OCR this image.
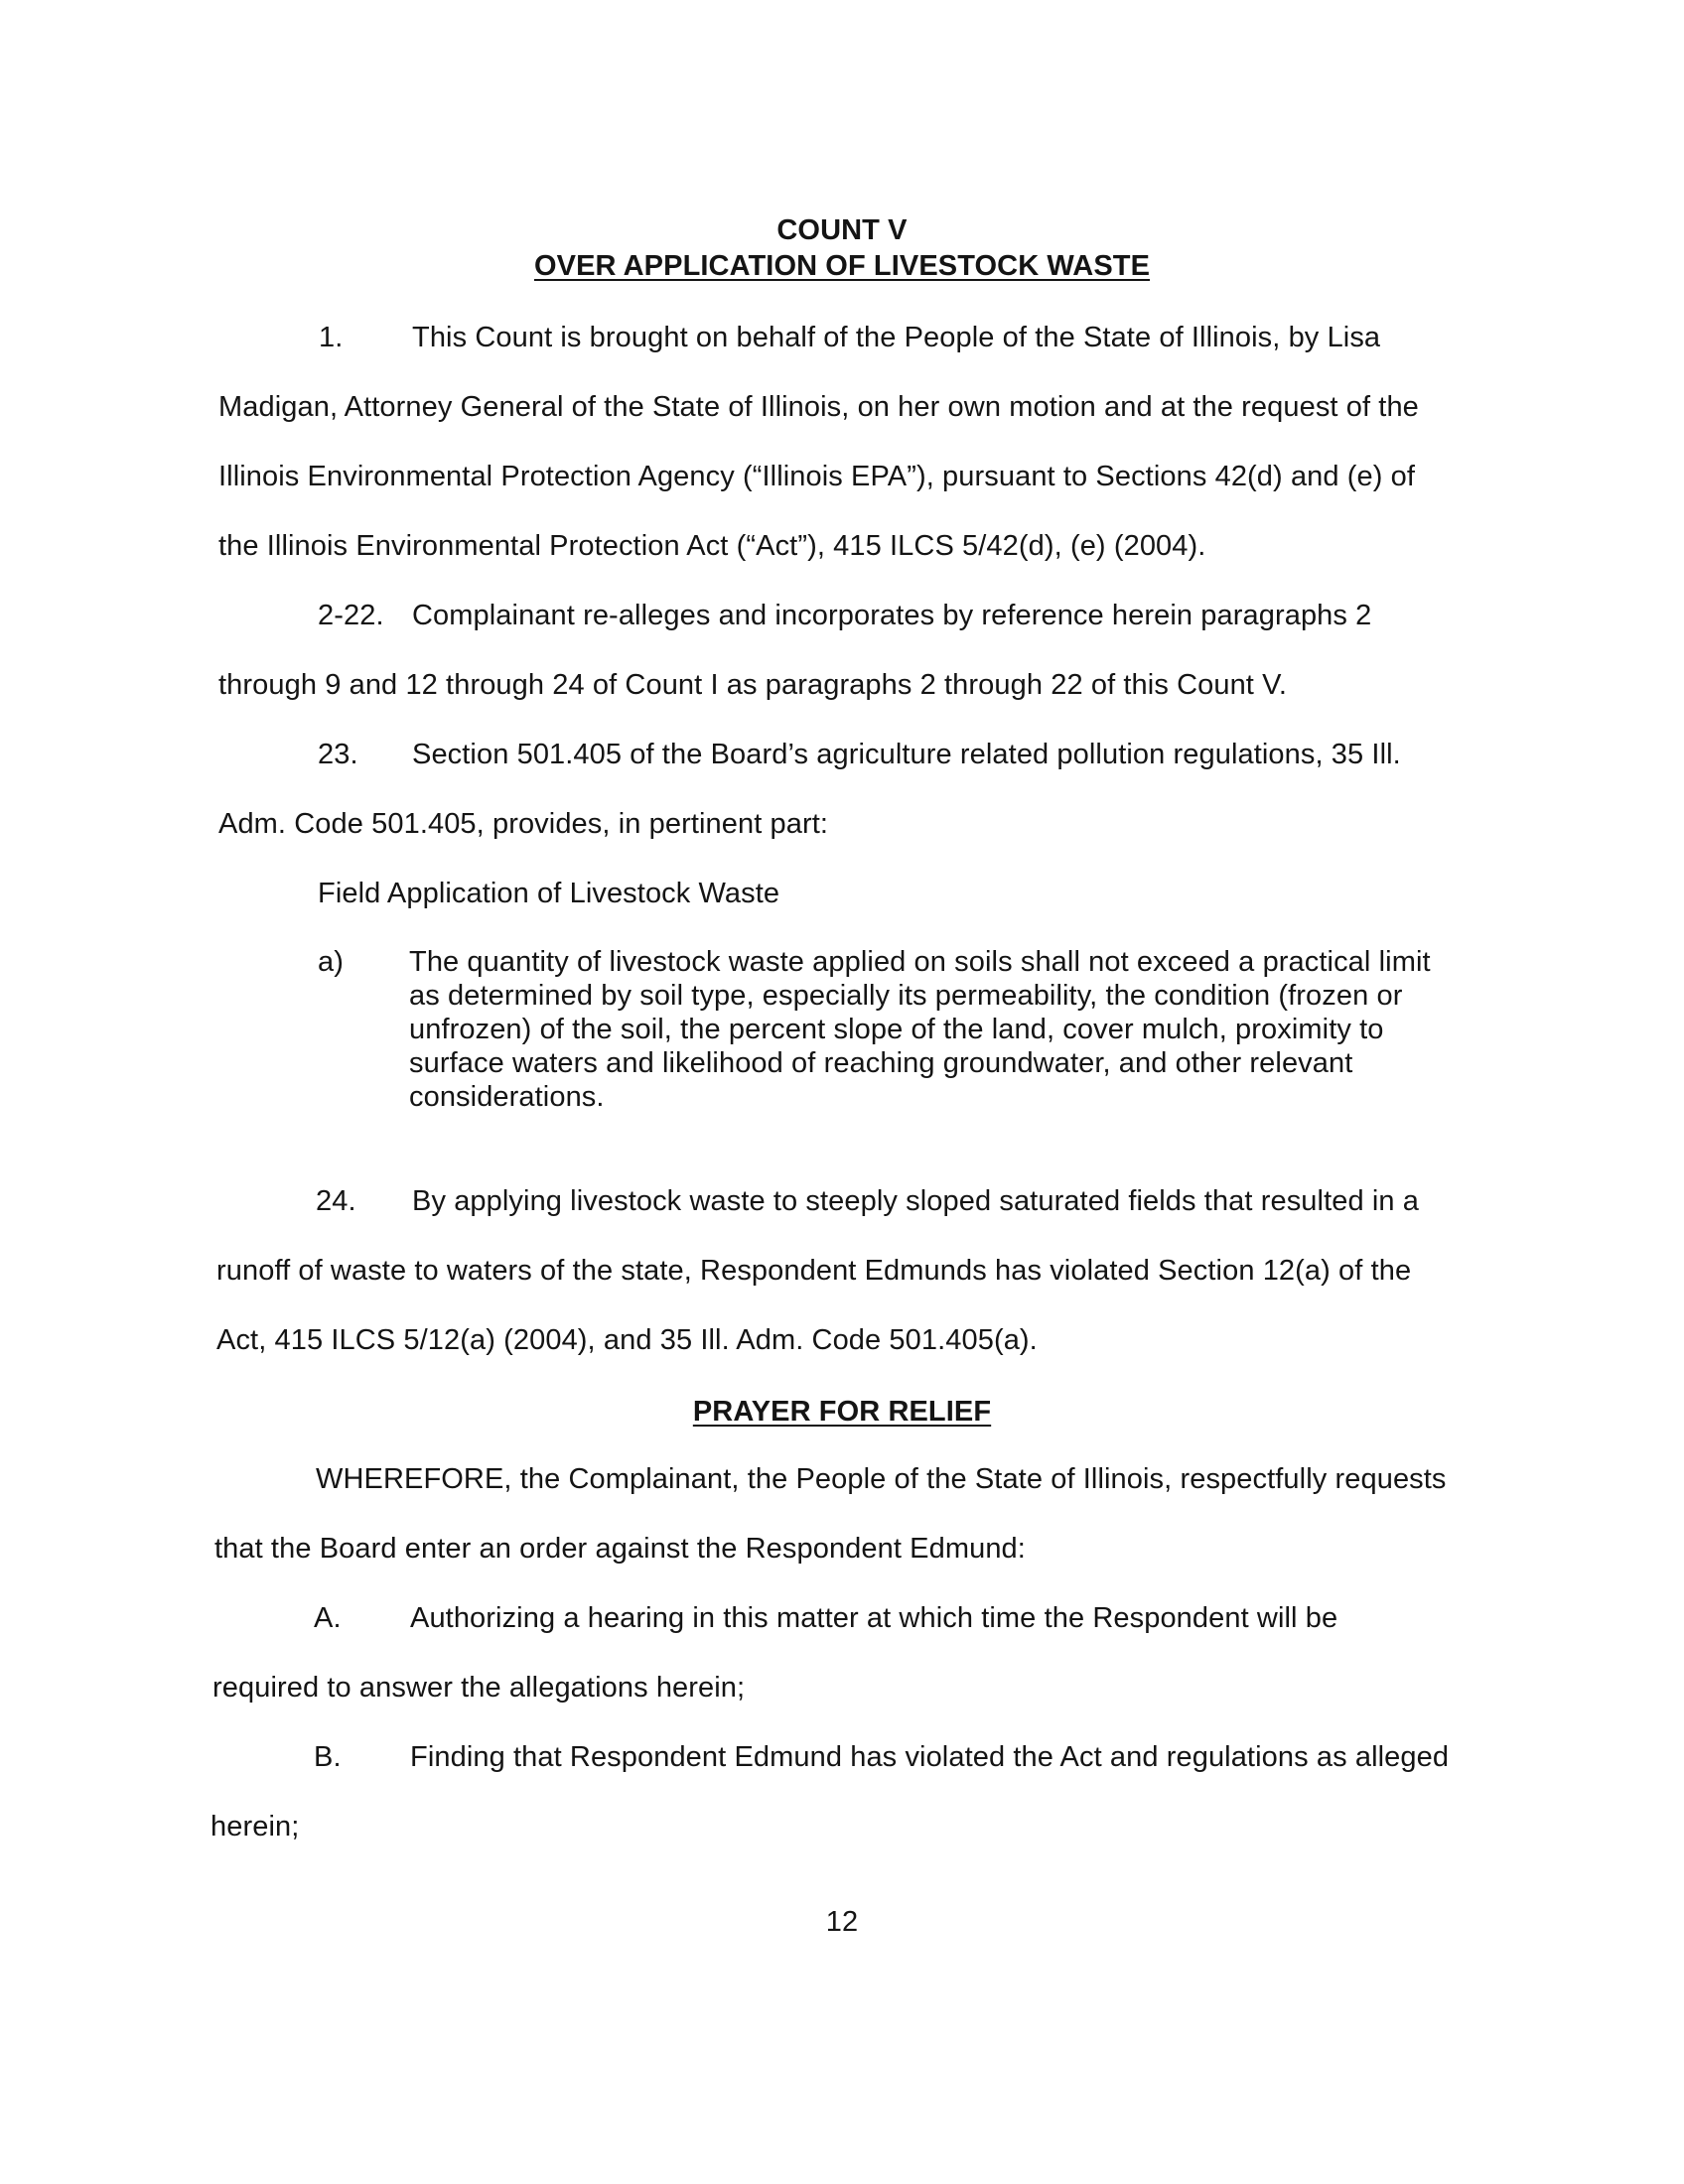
COUNT V
OVER APPLICATION OF LIVESTOCK WASTE
1. This Count is brought on behalf of the People of the State of Illinois, by Lisa
Madigan, Attorney General of the State of Illinois, on her own motion and at the request of the
Illinois Environmental Protection Agency (“Illinois EPA”), pursuant to Sections 42(d) and (e) of
the Illinois Environmental Protection Act (“Act”), 415 ILCS 5/42(d), (e) (2004).
2-22. Complainant re-alleges and incorporates by reference herein paragraphs 2
through 9 and 12 through 24 of Count I as paragraphs 2 through 22 of this Count V.
23. Section 501.405 of the Board’s agriculture related pollution regulations, 35 Ill.
Adm. Code 501.405, provides, in pertinent part:
Field Application of Livestock Waste
a) The quantity of livestock waste applied on soils shall not exceed a practical limit
as determined by soil type, especially its permeability, the condition (frozen or
unfrozen) of the soil, the percent slope of the land, cover mulch, proximity to
surface waters and likelihood of reaching groundwater, and other relevant
considerations.
24. By applying livestock waste to steeply sloped saturated fields that resulted in a
runoff of waste to waters of the state, Respondent Edmunds has violated Section 12(a) of the
Act, 415 ILCS 5/12(a) (2004), and 35 Ill. Adm. Code 501.405(a).
PRAYER FOR RELIEF
WHEREFORE, the Complainant, the People of the State of Illinois, respectfully requests
that the Board enter an order against the Respondent Edmund:
A. Authorizing a hearing in this matter at which time the Respondent will be
required to answer the allegations herein;
B. Finding that Respondent Edmund has violated the Act and regulations as alleged
herein;
12
